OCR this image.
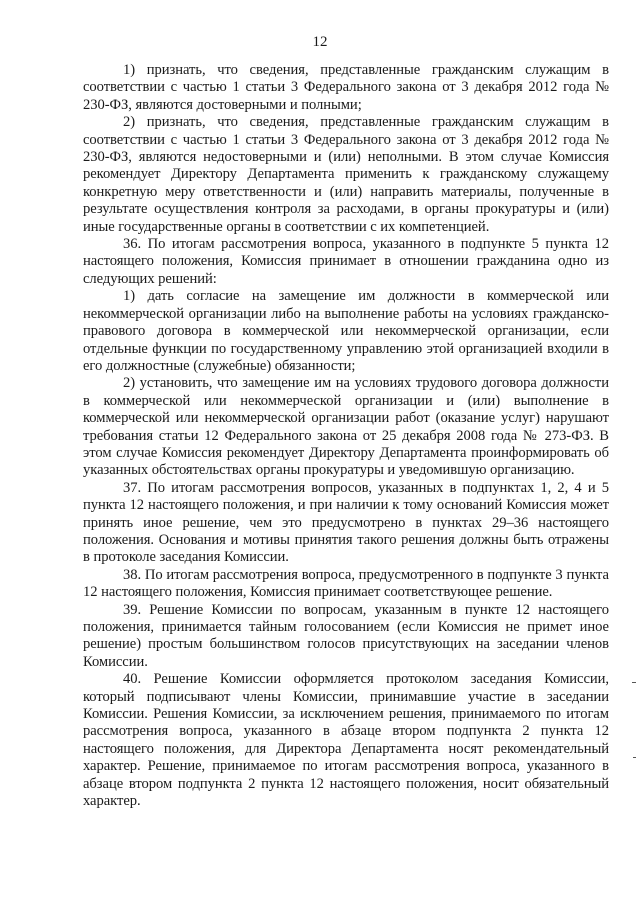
12

1) признать, что сведения, представленные гражданским служащим в соответствии с частью 1 статьи 3 Федерального закона от 3 декабря 2012 года № 230-ФЗ, являются достоверными и полными;

2) признать, что сведения, представленные гражданским служащим в соответствии с частью 1 статьи 3 Федерального закона от 3 декабря 2012 года № 230-ФЗ, являются недостоверными и (или) неполными. В этом случае Комиссия рекомендует Директору Департамента применить к гражданскому служащему конкретную меру ответственности и (или) направить материалы, полученные в результате осуществления контроля за расходами, в органы прокуратуры и (или) иные государственные органы в соответствии с их компетенцией.

36. По итогам рассмотрения вопроса, указанного в подпункте 5 пункта 12 настоящего положения, Комиссия принимает в отношении гражданина одно из следующих решений:

1) дать согласие на замещение им должности в коммерческой или некоммерческой организации либо на выполнение работы на условиях гражданско-правового договора в коммерческой или некоммерческой организации, если отдельные функции по государственному управлению этой организацией входили в его должностные (служебные) обязанности;

2) установить, что замещение им на условиях трудового договора должности в коммерческой или некоммерческой организации и (или) выполнение в коммерческой или некоммерческой организации работ (оказание услуг) нарушают требования статьи 12 Федерального закона от 25 декабря 2008 года № 273-ФЗ. В этом случае Комиссия рекомендует Директору Департамента проинформировать об указанных обстоятельствах органы прокуратуры и уведомившую организацию.

37. По итогам рассмотрения вопросов, указанных в подпунктах 1, 2, 4 и 5 пункта 12 настоящего положения, и при наличии к тому оснований Комиссия может принять иное решение, чем это предусмотрено в пунктах 29–36 настоящего положения. Основания и мотивы принятия такого решения должны быть отражены в протоколе заседания Комиссии.

38. По итогам рассмотрения вопроса, предусмотренного в подпункте 3 пункта 12 настоящего положения, Комиссия принимает соответствующее решение.

39. Решение Комиссии по вопросам, указанным в пункте 12 настоящего положения, принимается тайным голосованием (если Комиссия не примет иное решение) простым большинством голосов присутствующих на заседании членов Комиссии.

40. Решение Комиссии оформляется протоколом заседания Комиссии, который подписывают члены Комиссии, принимавшие участие в заседании Комиссии. Решения Комиссии, за исключением решения, принимаемого по итогам рассмотрения вопроса, указанного в абзаце втором подпункта 2 пункта 12 настоящего положения, для Директора Департамента носят рекомендательный характер. Решение, принимаемое по итогам рассмотрения вопроса, указанного в абзаце втором подпункта 2 пункта 12 настоящего положения, носит обязательный характер.
